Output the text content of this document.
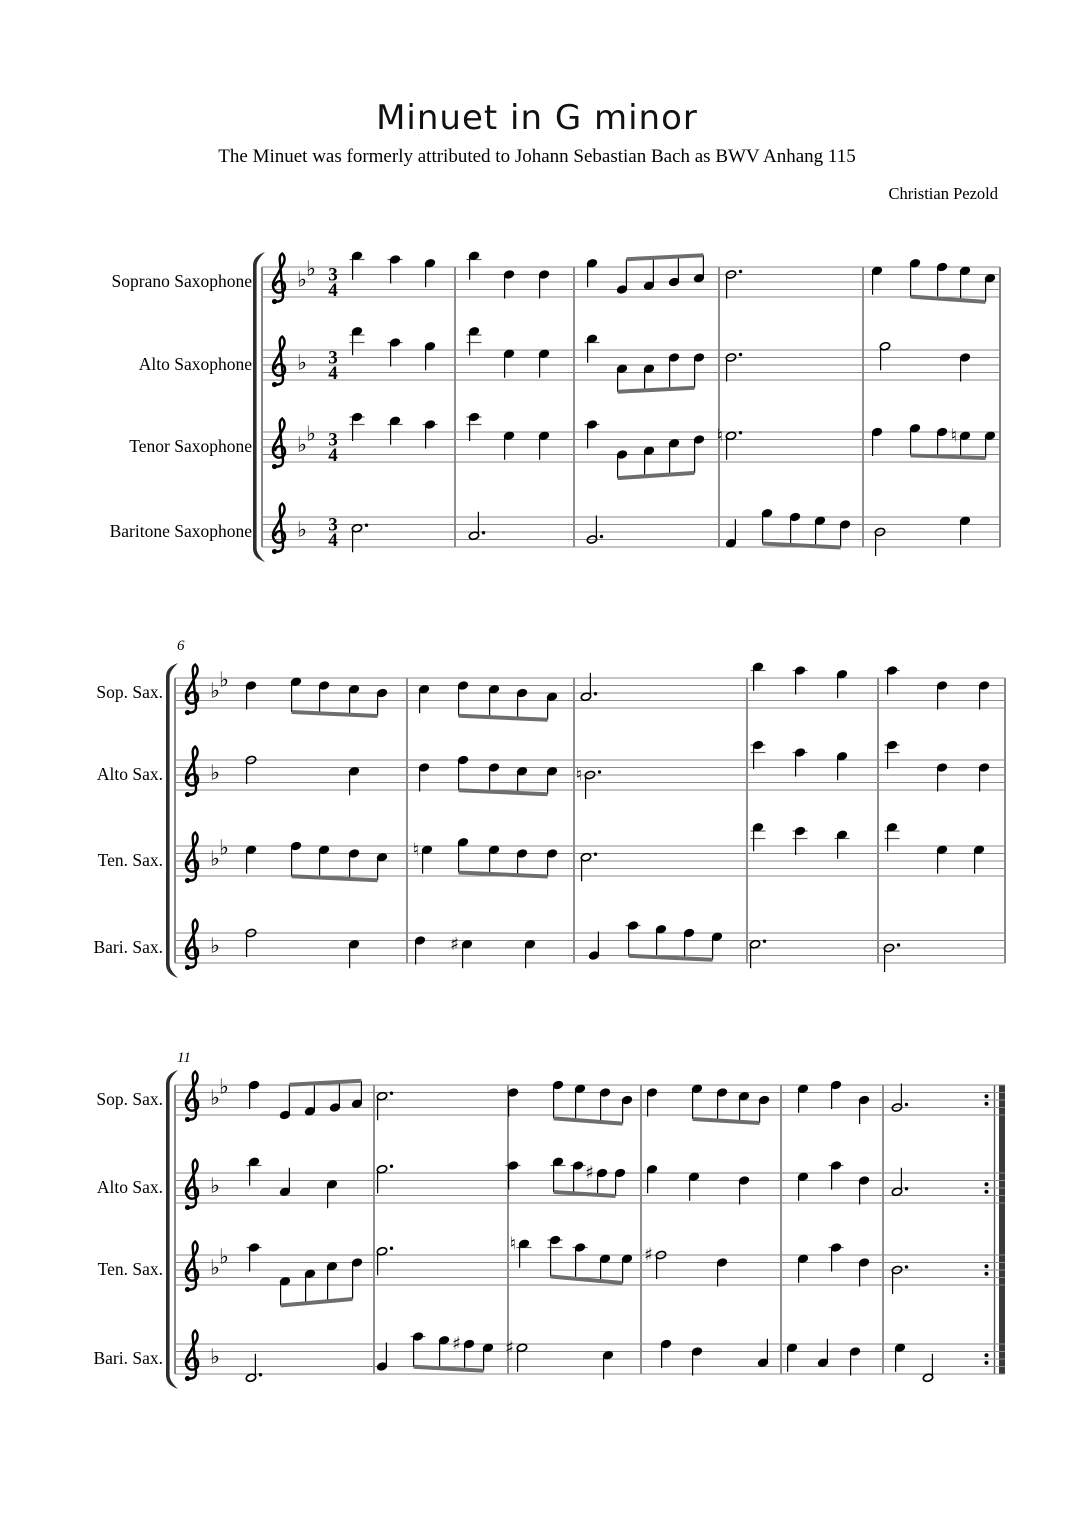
Minuet in G minor
The Minuet was formerly attributed to Johann Sebastian Bach as BWV Anhang 115
Christian Pezold
Soprano Saxophone
Alto Saxophone
Tenor Saxophone
Baritone Saxophone
Sop. Sax.
Alto Sax.
Ten. Sax.
Bari. Sax.
Sop. Sax.
Alto Sax.
Ten. Sax.
Bari. Sax.
6
11
♭ ♭ 3
4
♭ 3
4
♭ ♭ 3
4
♮	♮
♭ 3
4
♭ ♭
♭	♮
♭ ♭	♮
♭	♯
♭ ♭
♭
♯
♭ ♭
♮
♯
♭
♯ ♯
